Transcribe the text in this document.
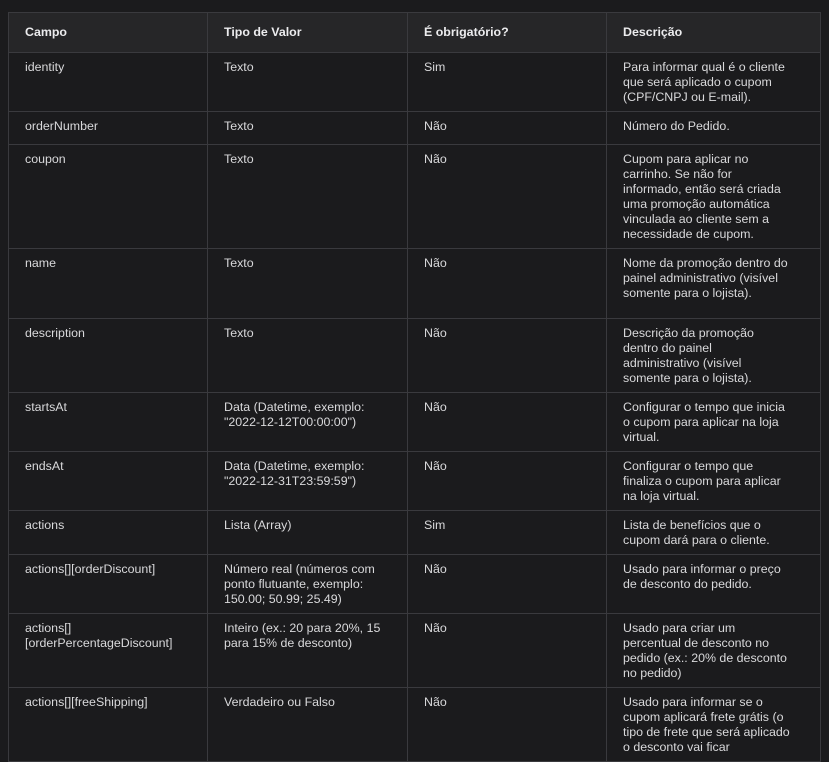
Campo	Tipo de Valor	É obrigatório?	Descrição
identity	Texto	Sim	Para informar qual é o cliente que será aplicado o cupom (CPF/CNPJ ou E-mail).
orderNumber	Texto	Não	Número do Pedido.
coupon	Texto	Não	Cupom para aplicar no carrinho. Se não for informado, então será criada uma promoção automática vinculada ao cliente sem a necessidade de cupom.
name	Texto	Não	Nome da promoção dentro do painel administrativo (visível somente para o lojista).
description	Texto	Não	Descrição da promoção dentro do painel administrativo (visível somente para o lojista).
startsAt	Data (Datetime, exemplo: "2022-12-12T00:00:00")	Não	Configurar o tempo que inicia o cupom para aplicar na loja virtual.
endsAt	Data (Datetime, exemplo: "2022-12-31T23:59:59")	Não	Configurar o tempo que finaliza o cupom para aplicar na loja virtual.
actions	Lista (Array)	Sim	Lista de benefícios que o cupom dará para o cliente.
actions[][orderDiscount]	Número real (números com ponto flutuante, exemplo: 150.00; 50.99; 25.49)	Não	Usado para informar o preço de desconto do pedido.
actions[][orderPercentageDiscount]	Inteiro (ex.: 20 para 20%, 15 para 15% de desconto)	Não	Usado para criar um percentual de desconto no pedido (ex.: 20% de desconto no pedido)
actions[][freeShipping]	Verdadeiro ou Falso	Não	Usado para informar se o cupom aplicará frete grátis (o tipo de frete que será aplicado o desconto vai ficar
